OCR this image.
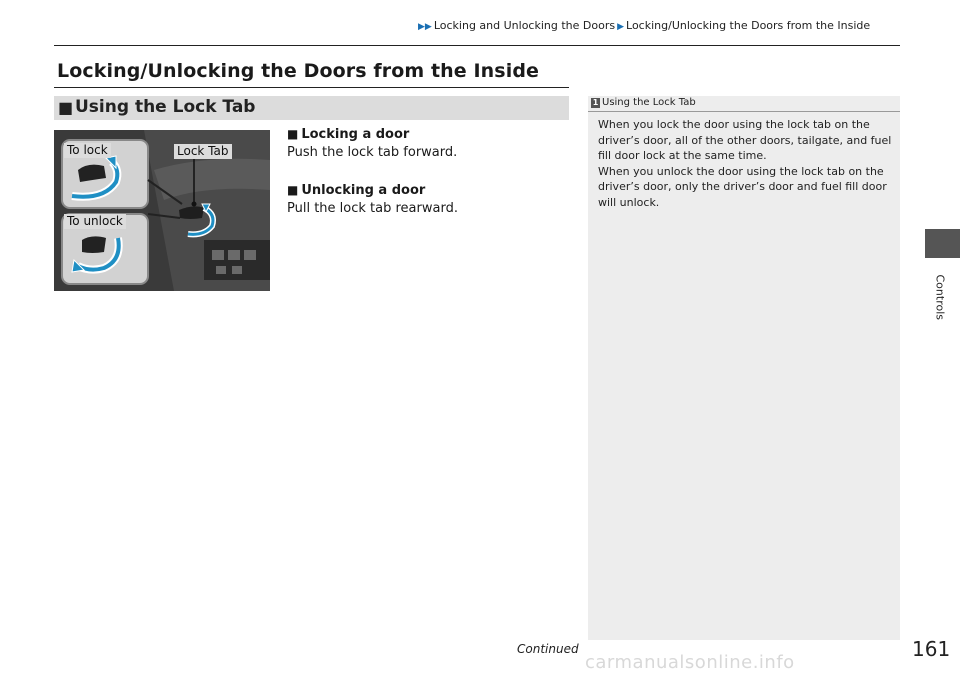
▶▶ Locking and Unlocking the Doors ▶ Locking/Unlocking the Doors from the Inside
Locking/Unlocking the Doors from the Inside
■ Using the Lock Tab
To lock	Lock Tab
To unlock
■ Locking a door
Push the lock tab forward.
■ Unlocking a door
Pull the lock tab rearward.
1 Using the Lock Tab

When you lock the door using the lock tab on the

driver’s door, all of the other doors, tailgate, and fuel

fill door lock at the same time.

When you unlock the door using the lock tab on the

driver’s door, only the driver’s door and fuel fill door

will unlock.

Controls
Continued	161
carmanualsonline.info
